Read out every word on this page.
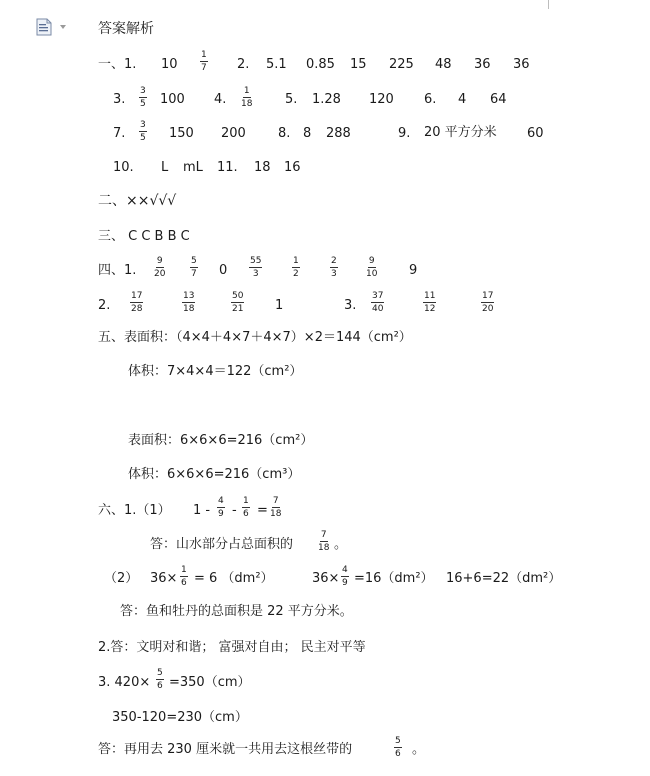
答案解析
一、1. 10
1
7 2. 5.1 0.85 15 225 48 36 36
3.
3
5 100 4.
1
18	5. 1.28 120 6. 4 64
7.
3
5 150 200 8. 8 288	9. 20 平方分米 60
10. L mL 11. 18 16
二、××√√√
三、 C C B B C
四、1.
9
20
5
7 0
55
3
1
2
2
3
9
10 9
2.
17
28
13
18
50
21 1	3.
37
40
11
12
17
20
五、表面积：（4×4＋4×7＋4×7）×2＝144（cm²）
体积：7×4×4＝122（cm²）
表面积：6×6×6=216（cm²）
体积：6×6×6=216（cm³）
六、1.（1） 1 -
4
9 -
1
6 =
7
18
答：山水部分占总面积的
7
18 。
（2） 36×
1
6 = 6 （dm²）	36×
4
9 =16（dm²） 16+6=22（dm²）
答：鱼和牡丹的总面积是 22 平方分米。
2.答：文明对和谐； 富强对自由； 民主对平等
3. 420×
5
6 =350（cm）
350-120=230（cm）
答：再用去 230 厘米就一共用去这根丝带的
5
6 。
